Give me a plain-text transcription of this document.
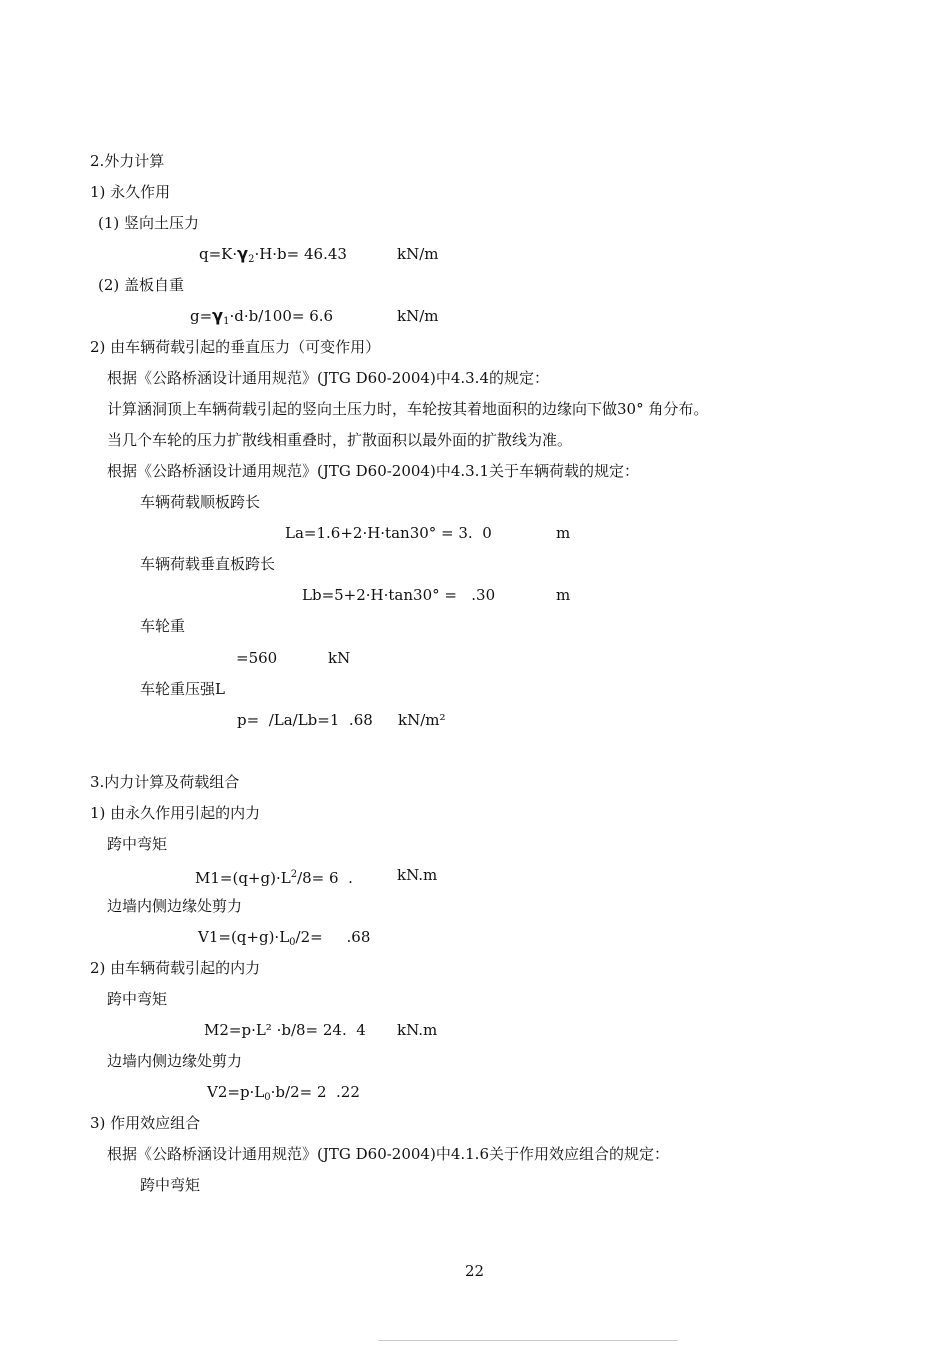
2.外力计算
1) 永久作用
(1) 竖向土压力
$q=K\cdot\gamma_2\cdot H\cdot b= 46.43$	kN/m
(2) 盖板自重
$g=\gamma_1\cdot d\cdot b/100= 6.6$	kN/m
2) 由车辆荷载引起的垂直压力（可变作用）
根据《公路桥涵设计通用规范》(JTG D60-2004)中4.3.4的规定：
计算涵洞顶上车辆荷载引起的竖向土压力时，车轮按其着地面积的边缘向下做30° 角分布。
当几个车轮的压力扩散线相重叠时，扩散面积以最外面的扩散线为准。
根据《公路桥涵设计通用规范》(JTG D60-2004)中4.3.1关于车辆荷载的规定：
车辆荷载顺板跨长
La=1.6+2·H·tan30° = 3.  0	m
车辆荷载垂直板跨长
Lb=5+2·H·tan30° =   .30	m
车轮重
=560	kN
车轮重压强L
p=  /La/Lb=1  .68 kN/m²
3.内力计算及荷载组合
1) 由永久作用引起的内力
跨中弯矩
$M1=(q+g)\cdot L^2/8= 6$  .	kN.m
边墙内侧边缘处剪力
$V1=(q+g)\cdot L_0/2=$     .68
2) 由车辆荷载引起的内力
跨中弯矩
M2=p·L² ·b/8= 24.  4 kN.m
边墙内侧边缘处剪力
$V2=p\cdot L_0\cdot b/2= 2$  .22
3) 作用效应组合
根据《公路桥涵设计通用规范》(JTG D60-2004)中4.1.6关于作用效应组合的规定：
跨中弯矩
22
